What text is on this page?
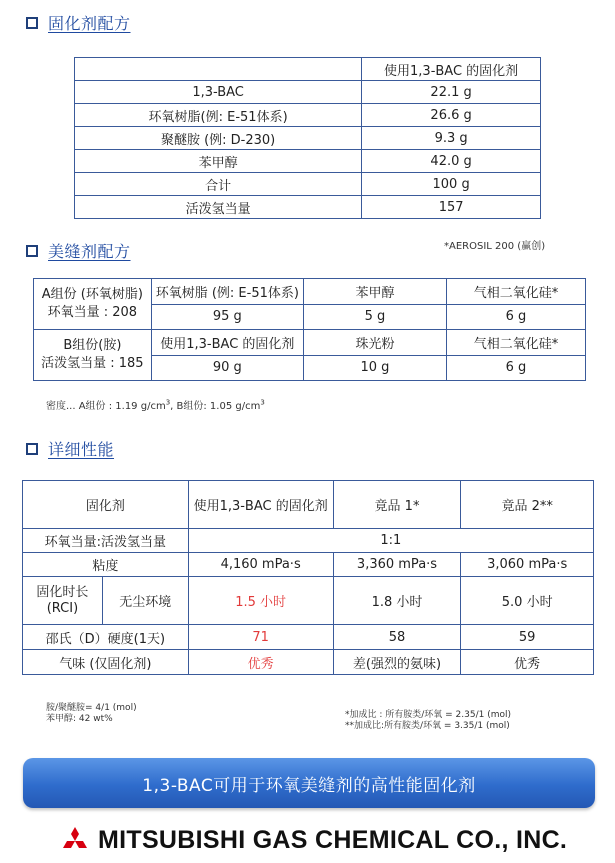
固化剂配方
	使用1,3-BAC 的固化剂
1,3-BAC	22.1 g
环氧树脂(例: E-51体系)	26.6 g
聚醚胺 (例: D-230)	9.3 g
苯甲醇	42.0 g
合计	100 g
活泼氢当量	157
美缝剂配方	*AEROSIL 200 (赢创)
A组份 (环氧树脂)
环氧当量 : 208	环氧树脂 (例: E-51体系)	苯甲醇	气相二氧化硅*
	95 g	5 g	6 g

B组份(胺)
活泼氢当量 : 185	使用1,3-BAC 的固化剂	珠光粉	气相二氧化硅*
	90 g	10 g	6 g
密度... A组份 : 1.19 $g/cm^3$, B组份: 1.05 $g/cm^3$
详细性能
固化剂		使用1,3-BAC 的固化剂	竟品 1*	竟品 2**
环氧当量:活泼氢当量		1:1		
粘度		4,160 mPa·s	3,360 mPa·s	3,060 mPa·s

固化时长
(RCI)	无尘环境	1.5 小时	1.8 小时	5.0 小时
邵氏（D）硬度(1天)		71	58	59
气味 (仅固化剂)		优秀	差(强烈的氨味)	优秀
胺/聚醚胺= 4/1 (mol)
苯甲醇: 42 wt%	*加成比 : 所有胺类/环氧 = 2.35/1 (mol)
**加成比:所有胺类/环氧 = 3.35/1 (mol)
1,3-BAC可用于环氧美缝剂的高性能固化剂
MITSUBISHI GAS CHEMICAL CO., INC.
